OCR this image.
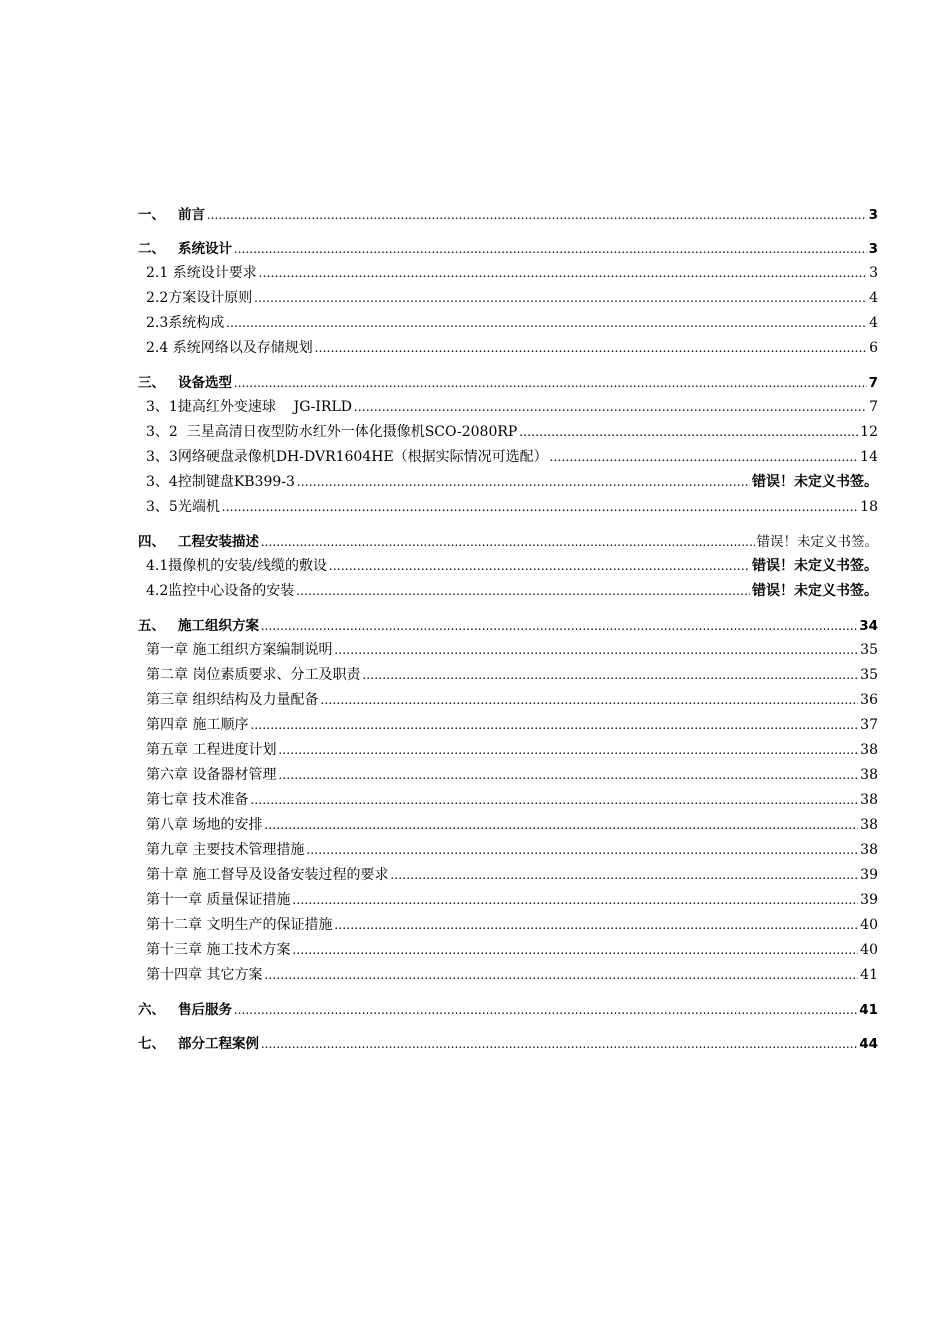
一、 前言 .....	3
二、 系统设计 .....	3
2.1 系统设计要求 .....	3
2.2方案设计原则 .....	4
2.3系统构成 .....	4
2.4 系统网络以及存储规划 .....	6
三、 设备选型 .....	7
3、1捷高红外变速球    JG-IRLD .....	7
3、2  三星高清日夜型防水红外一体化摄像机SCO-2080RP .....	12
3、3网络硬盘录像机DH-DVR1604HE（根据实际情况可选配） .....	14
3、4控制键盘KB399-3 .....	错误！未定义书签。
3、5光端机 .....	18
四、 工程安装描述 .....	错误！未定义书签。
4.1摄像机的安装/线缆的敷设 .....	错误！未定义书签。
4.2监控中心设备的安装 .....	错误！未定义书签。
五、 施工组织方案 .....	34
第一章 施工组织方案编制说明 .....	35
第二章 岗位素质要求、分工及职责 .....	35
第三章 组织结构及力量配备 .....	36
第四章 施工顺序 .....	37
第五章 工程进度计划 .....	38
第六章 设备器材管理 .....	38
第七章 技术准备 .....	38
第八章 场地的安排 .....	38
第九章 主要技术管理措施 .....	38
第十章 施工督导及设备安装过程的要求 .....	39
第十一章 质量保证措施 .....	39
第十二章 文明生产的保证措施 .....	40
第十三章 施工技术方案 .....	40
第十四章 其它方案 .....	41
六、 售后服务 .....	41
七、 部分工程案例 .....	44
